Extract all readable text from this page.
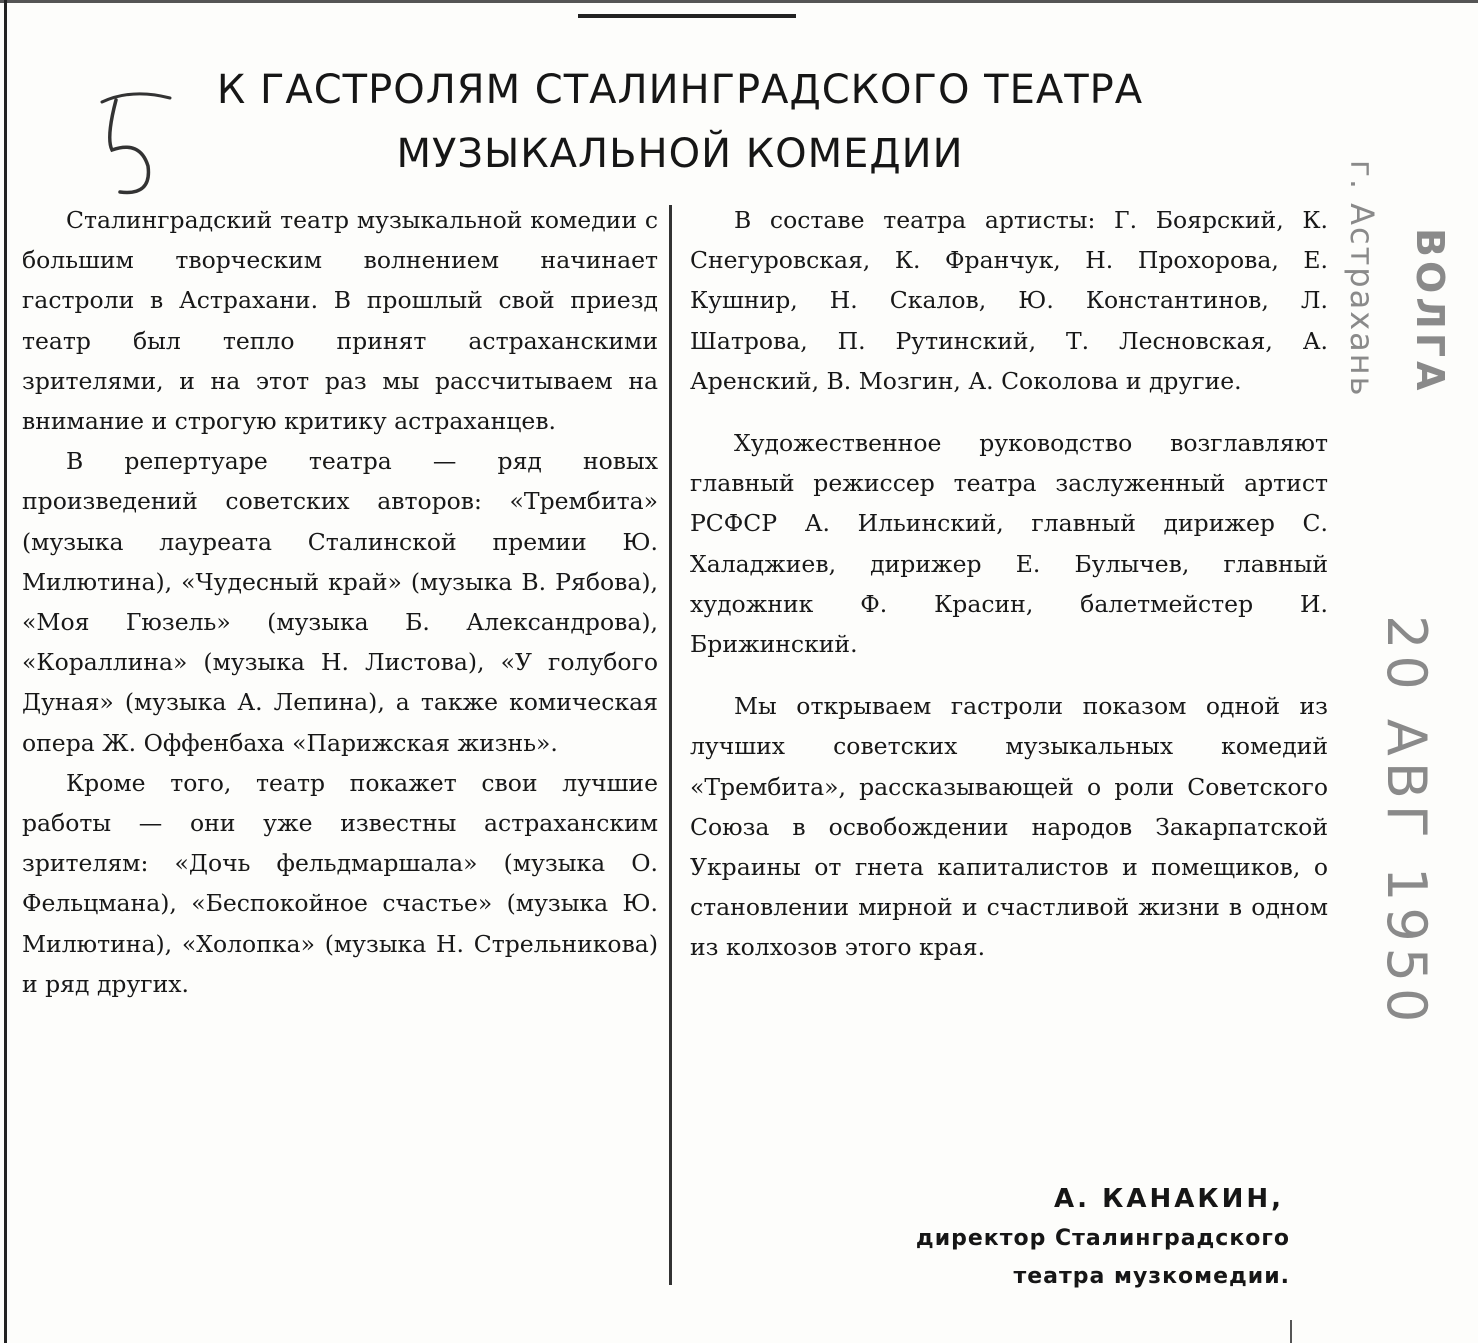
К ГАСТРОЛЯМ СТАЛИНГРАДСКОГО ТЕАТРА
МУЗЫКАЛЬНОЙ КОМЕДИИ

Сталинградский театр музыкальной комедии с большим творческим волнением начинает гастроли в Астрахани. В прошлый свой приезд театр был тепло принят астраханскими зрителями, и на этот раз мы рассчитываем на внимание и строгую критику астраханцев.

В репертуаре театра — ряд новых произведений советских авторов: «Трембита» (музыка лауреата Сталинской премии Ю. Милютина), «Чудесный край» (музыка В. Рябова), «Моя Гюзель» (музыка Б. Александрова), «Кораллина» (музыка Н. Листова), «У голубого Дуная» (музыка А. Лепина), а также комическая опера Ж. Оффенбаха «Парижская жизнь».

Кроме того, театр покажет свои лучшие работы — они уже известны астраханским зрителям: «Дочь фельдмаршала» (музыка О. Фельцмана), «Беспокойное счастье» (музыка Ю. Милютина), «Холопка» (музыка Н. Стрельникова) и ряд других.

В составе театра артисты: Г. Боярский, К. Снегуровская, К. Франчук, Н. Прохорова, Е. Кушнир, Н. Скалов, Ю. Константинов, Л. Шатрова, П. Рутинский, Т. Лесновская, А. Аренский, В. Мозгин, А. Соколова и другие.

Художественное руководство возглавляют главный режиссер театра заслуженный артист РСФСР А. Ильинский, главный дирижер С. Халаджиев, дирижер Е. Булычев, главный художник Ф. Красин, балетмейстер И. Брижинский.

Мы открываем гастроли показом одной из лучших советских музыкальных комедий «Трембита», рассказывающей о роли Советского Союза в освобождении народов Закарпатской Украины от гнета капиталистов и помещиков, о становлении мирной и счастливой жизни в одном из колхозов этого края.

А. КАНАКИН,
директор Сталинградского
театра музкомедии.
г. Астрахань ВОЛГА
20 АВГ 1950
